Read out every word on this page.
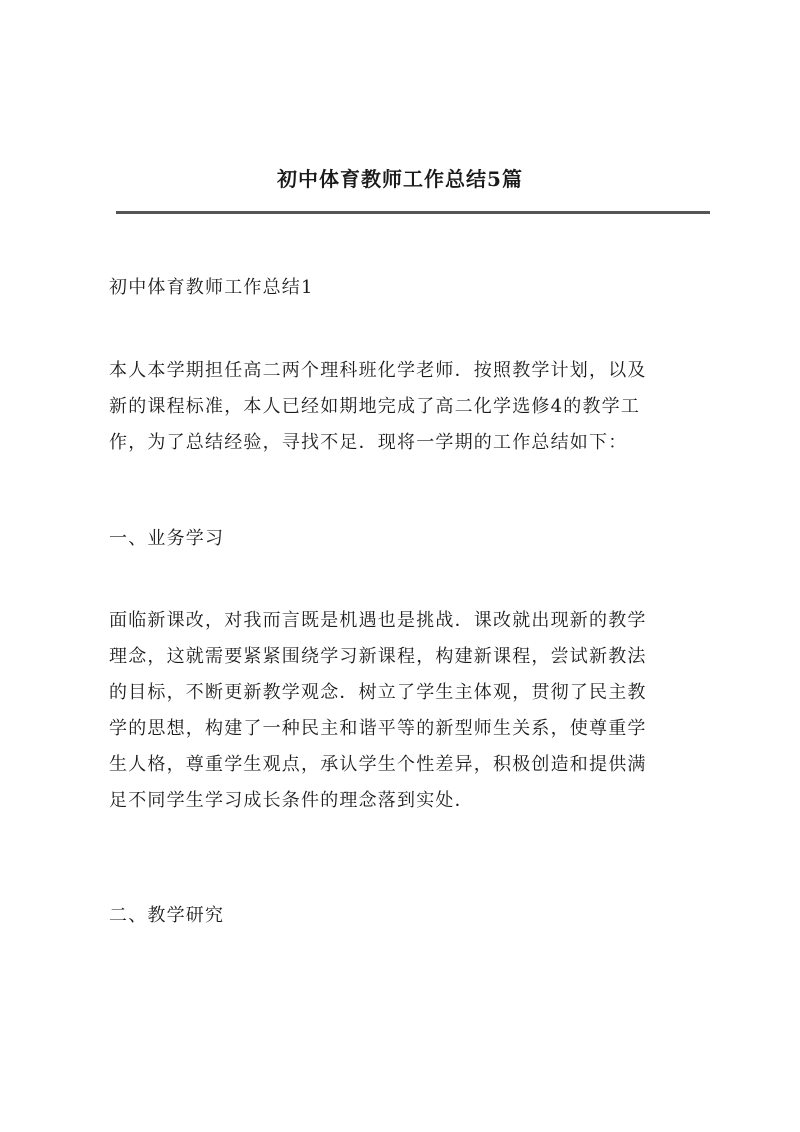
初中体育教师工作总结5篇
初中体育教师工作总结1
本人本学期担任高二两个理科班化学老师．按照教学计划，以及
新的课程标准，本人已经如期地完成了高二化学选修4的教学工
作，为了总结经验，寻找不足．现将一学期的工作总结如下：
一、业务学习
面临新课改，对我而言既是机遇也是挑战．课改就出现新的教学
理念，这就需要紧紧围绕学习新课程，构建新课程，尝试新教法
的目标，不断更新教学观念．树立了学生主体观，贯彻了民主教
学的思想，构建了一种民主和谐平等的新型师生关系，使尊重学
生人格，尊重学生观点，承认学生个性差异，积极创造和提供满
足不同学生学习成长条件的理念落到实处．
二、教学研究
